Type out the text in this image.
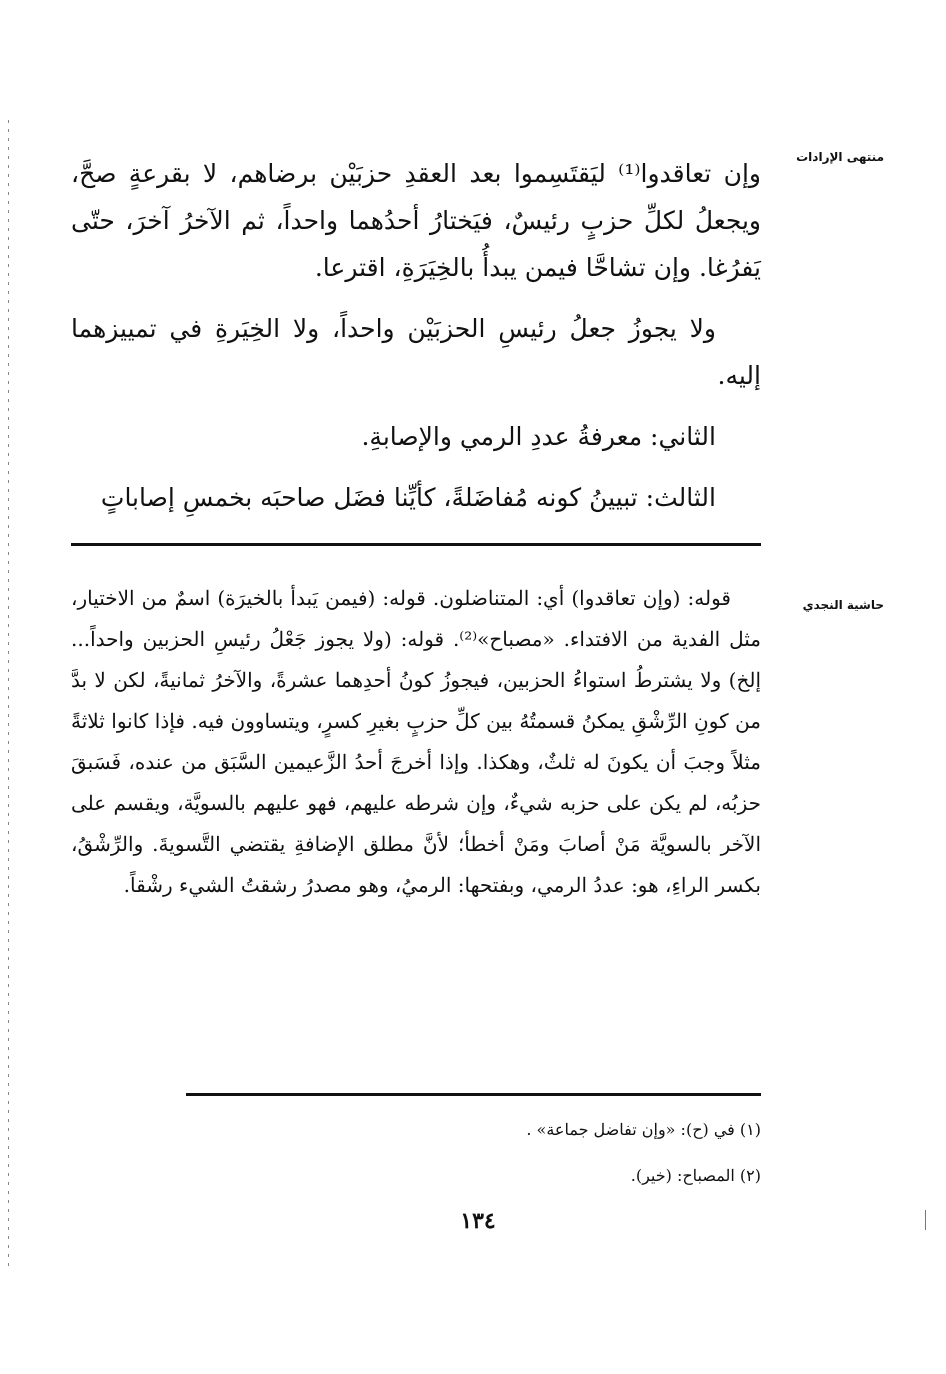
منتهى الإرادات

وإن تعاقدوا⁽¹⁾ ليَقتَسِموا بعد العقدِ حزبَيْن برضاهم، لا بقرعةٍ صحَّ، ويجعلُ لكلِّ حزبٍ رئيسٌ، فيَختارُ أحدُهما واحداً، ثم الآخرُ آخرَ، حتّى يَفرُغا. وإن تشاحَّا فيمن يبدأُ بالخِيَرَةِ، اقترعا.

ولا يجوزُ جعلُ رئيسِ الحزبَيْن واحداً، ولا الخِيَرةِ في تمييزهما إليه.

الثاني: معرفةُ عددِ الرمي والإصابةِ.

الثالث: تبيينُ كونه مُفاضَلةً، كأيِّنا فضَل صاحبَه بخمسِ إصاباتٍ

حاشية النجدي

قوله: (وإن تعاقدوا) أي: المتناضلون. قوله: (فيمن يَبدأ بالخيرَة) اسمٌ من الاختيار، مثل الفدية من الافتداء. «مصباح»⁽²⁾. قوله: (ولا يجوز جَعْلُ رئيسِ الحزبين واحداً... إلخ) ولا يشترطُ استواءُ الحزبين، فيجوزُ كونُ أحدِهما عشرةً، والآخرُ ثمانيةً، لكن لا بدَّ من كونِ الرِّشْقِ يمكنُ قسمتُهُ بين كلِّ حزبٍ بغيرِ كسرٍ، ويتساوون فيه. فإذا كانوا ثلاثةً مثلاً وجبَ أن يكونَ له ثلثٌ، وهكذا. وإذا أخرجَ أحدُ الزَّعيمين السَّبَق من عنده، فَسَبقَ حزبُه، لم يكن على حزبه شيءٌ، وإن شرطه عليهم، فهو عليهم بالسويَّة، ويقسم على الآخر بالسويَّة مَنْ أصابَ ومَنْ أخطأ؛ لأنَّ مطلق الإضافةِ يقتضي التَّسويةَ. والرِّشْقُ، بكسر الراءِ، هو: عددُ الرمي، وبفتحها: الرميُ، وهو مصدرُ رشقتُ الشيء رشْقاً.

(١) في (ح): «وإن تفاضل جماعة» .
(٢) المصباح: (خير).
١٣٤
